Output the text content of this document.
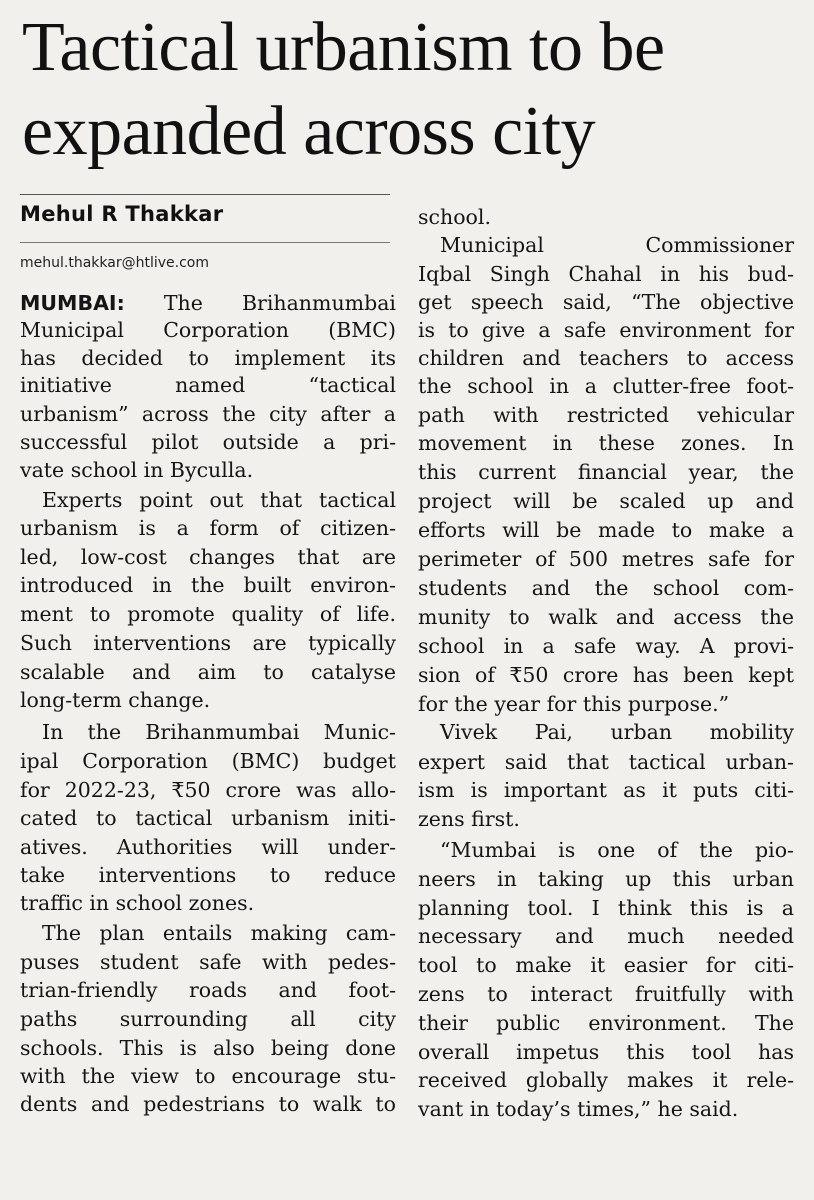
Tactical urbanism to be
expanded across city
Mehul R Thakkar
mehul.thakkar@htlive.com
MUMBAI: The Brihanmumbai
Municipal Corporation (BMC)
has decided to implement its
initiative named “tactical
urbanism” across the city after a
successful pilot outside a pri-
vate school in Byculla.
Experts point out that tactical
urbanism is a form of citizen-
led, low-cost changes that are
introduced in the built environ-
ment to promote quality of life.
Such interventions are typically
scalable and aim to catalyse
long-term change.
In the Brihanmumbai Munic-
ipal Corporation (BMC) budget
for 2022-23, ₹50 crore was allo-
cated to tactical urbanism initi-
atives. Authorities will under-
take interventions to reduce
traffic in school zones.
The plan entails making cam-
puses student safe with pedes-
trian-friendly roads and foot-
paths surrounding all city
schools. This is also being done
with the view to encourage stu-
dents and pedestrians to walk to
school.
Municipal Commissioner
Iqbal Singh Chahal in his bud-
get speech said, “The objective
is to give a safe environment for
children and teachers to access
the school in a clutter-free foot-
path with restricted vehicular
movement in these zones. In
this current financial year, the
project will be scaled up and
efforts will be made to make a
perimeter of 500 metres safe for
students and the school com-
munity to walk and access the
school in a safe way. A provi-
sion of ₹50 crore has been kept
for the year for this purpose.”
Vivek Pai, urban mobility
expert said that tactical urban-
ism is important as it puts citi-
zens first.
“Mumbai is one of the pio-
neers in taking up this urban
planning tool. I think this is a
necessary and much needed
tool to make it easier for citi-
zens to interact fruitfully with
their public environment. The
overall impetus this tool has
received globally makes it rele-
vant in today’s times,” he said.
